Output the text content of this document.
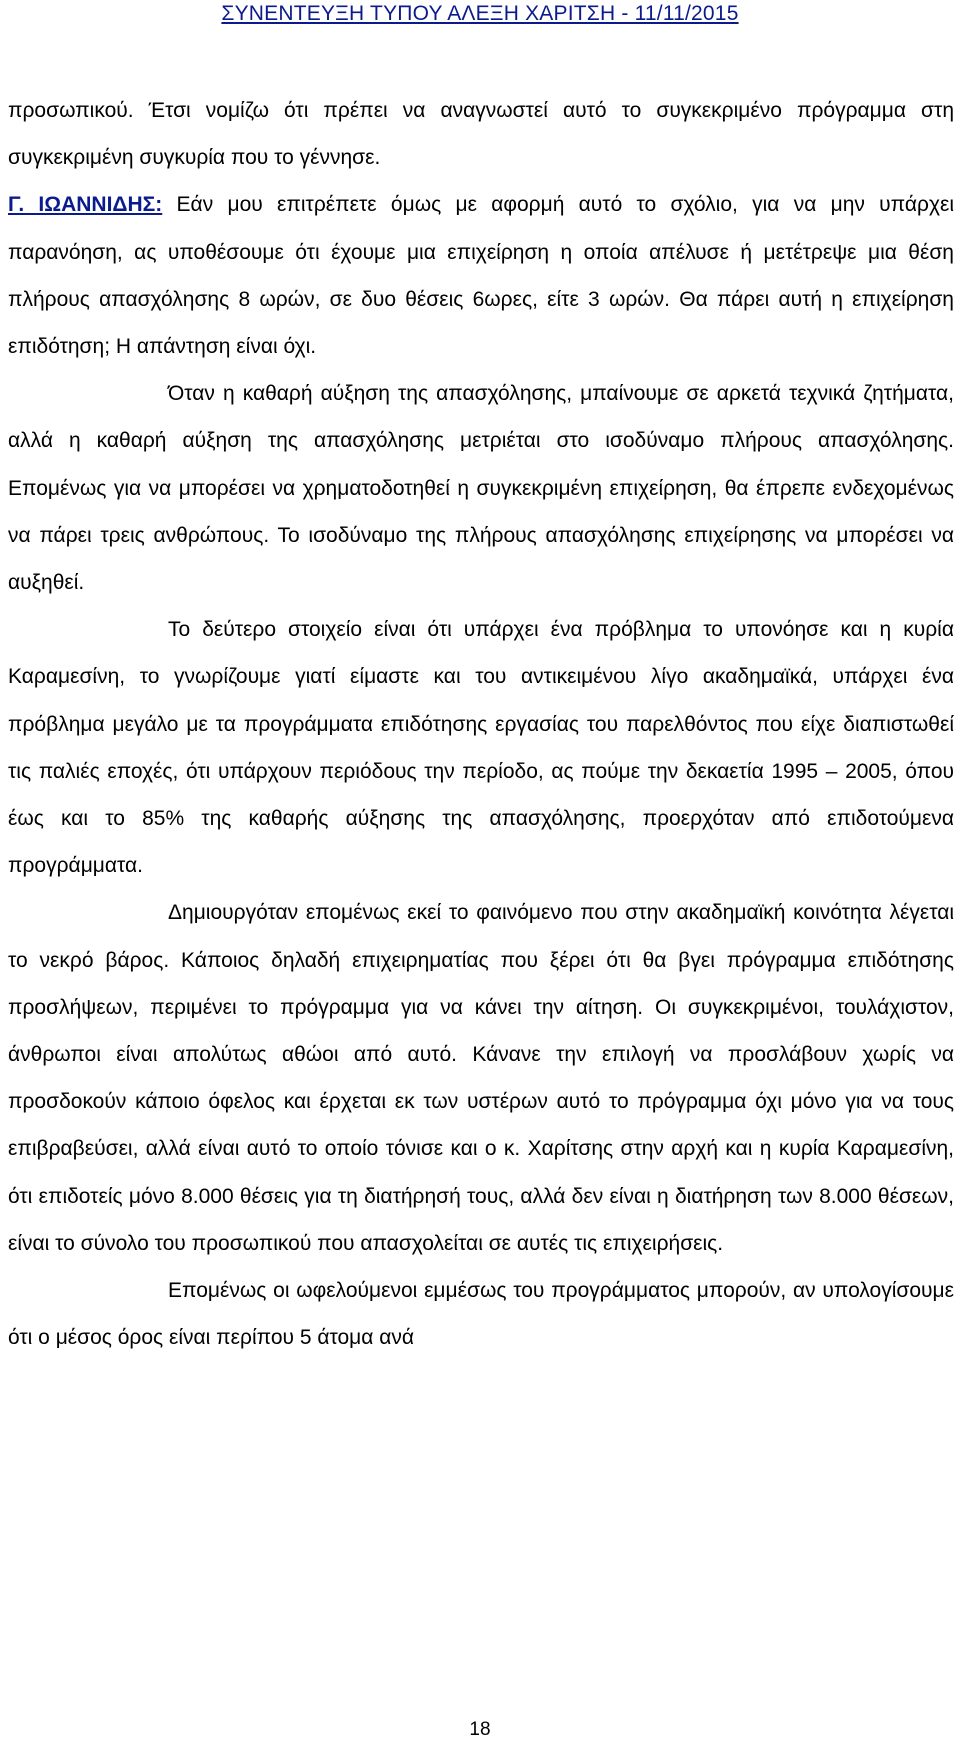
ΣΥΝΕΝΤΕΥΞΗ ΤΥΠΟΥ ΑΛΕΞΗ ΧΑΡΙΤΣΗ - 11/11/2015

προσωπικού. Έτσι νομίζω ότι πρέπει να αναγνωστεί αυτό το συγκεκριμένο πρόγραμμα στη συγκεκριμένη συγκυρία που το γέννησε.

Γ. ΙΩΑΝΝΙΔΗΣ: Εάν μου επιτρέπετε όμως με αφορμή αυτό το σχόλιο, για να μην υπάρχει παρανόηση, ας υποθέσουμε ότι έχουμε μια επιχείρηση η οποία απέλυσε ή μετέτρεψε μια θέση πλήρους απασχόλησης 8 ωρών, σε δυο θέσεις 6ωρες, είτε 3 ωρών. Θα πάρει αυτή η επιχείρηση επιδότηση; Η απάντηση είναι όχι.

Όταν η καθαρή αύξηση της απασχόλησης, μπαίνουμε σε αρκετά τεχνικά ζητήματα, αλλά η καθαρή αύξηση της απασχόλησης μετριέται στο ισοδύναμο πλήρους απασχόλησης. Επομένως για να μπορέσει να χρηματοδοτηθεί η συγκεκριμένη επιχείρηση, θα έπρεπε ενδεχομένως να πάρει τρεις ανθρώπους. Το ισοδύναμο της πλήρους απασχόλησης επιχείρησης να μπορέσει να αυξηθεί.

Το δεύτερο στοιχείο είναι ότι υπάρχει ένα πρόβλημα το υπονόησε και η κυρία Καραμεσίνη, το γνωρίζουμε γιατί είμαστε και του αντικειμένου λίγο ακαδημαϊκά, υπάρχει ένα πρόβλημα μεγάλο με τα προγράμματα επιδότησης εργασίας του παρελθόντος που είχε διαπιστωθεί τις παλιές εποχές, ότι υπάρχουν περιόδους την περίοδο, ας πούμε την δεκαετία 1995 – 2005, όπου έως και το 85% της καθαρής αύξησης της απασχόλησης, προερχόταν από επιδοτούμενα προγράμματα.

Δημιουργόταν επομένως εκεί το φαινόμενο που στην ακαδημαϊκή κοινότητα λέγεται το νεκρό βάρος. Κάποιος δηλαδή επιχειρηματίας που ξέρει ότι θα βγει πρόγραμμα επιδότησης προσλήψεων, περιμένει το πρόγραμμα για να κάνει την αίτηση. Οι συγκεκριμένοι, τουλάχιστον, άνθρωποι είναι απολύτως αθώοι από αυτό. Κάνανε την επιλογή να προσλάβουν χωρίς να προσδοκούν κάποιο όφελος και έρχεται εκ των υστέρων αυτό το πρόγραμμα όχι μόνο για να τους επιβραβεύσει, αλλά είναι αυτό το οποίο τόνισε και ο κ. Χαρίτσης στην αρχή και η κυρία Καραμεσίνη, ότι επιδοτείς μόνο 8.000 θέσεις για τη διατήρησή τους, αλλά δεν είναι η διατήρηση των 8.000 θέσεων, είναι το σύνολο του προσωπικού που απασχολείται σε αυτές τις επιχειρήσεις.

Επομένως οι ωφελούμενοι εμμέσως του προγράμματος μπορούν, αν υπολογίσουμε ότι ο μέσος όρος είναι περίπου 5 άτομα ανά

18
